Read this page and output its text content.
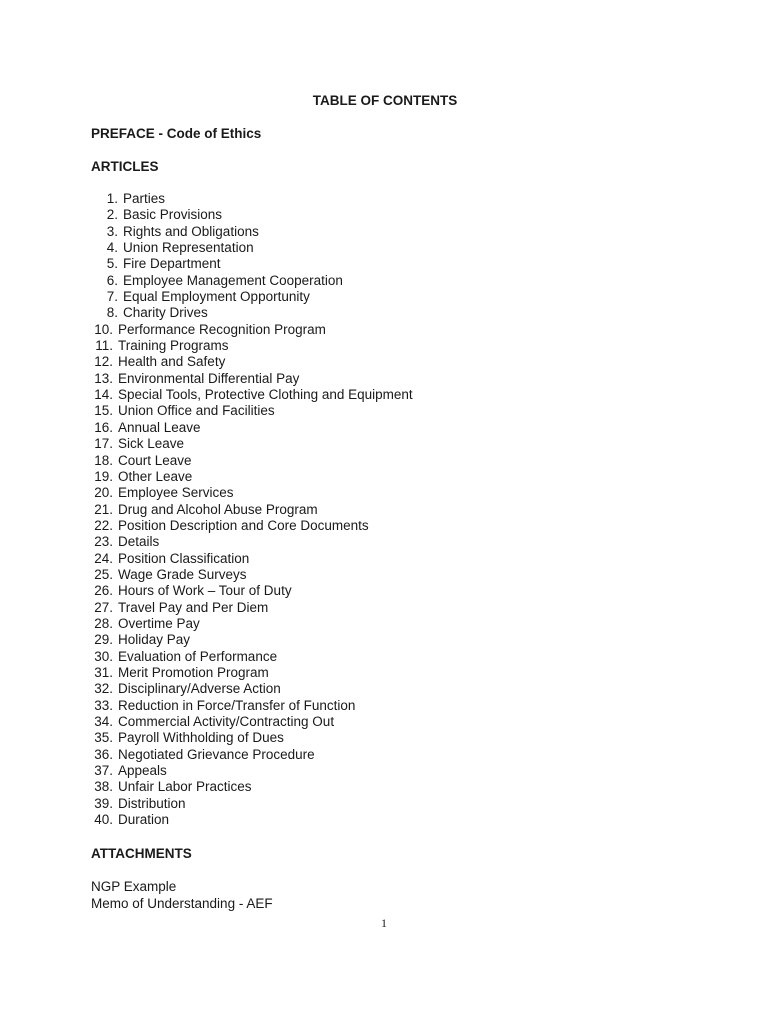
TABLE OF CONTENTS
PREFACE - Code of Ethics
ARTICLES
1. Parties
2. Basic Provisions
3. Rights and Obligations
4. Union Representation
5. Fire Department
6. Employee Management Cooperation
7. Equal Employment Opportunity
8. Charity Drives
10. Performance Recognition Program
11. Training Programs
12. Health and Safety
13. Environmental Differential Pay
14. Special Tools, Protective Clothing and Equipment
15. Union Office and Facilities
16. Annual Leave
17. Sick Leave
18. Court Leave
19. Other Leave
20. Employee Services
21. Drug and Alcohol Abuse Program
22. Position Description and Core Documents
23. Details
24. Position Classification
25. Wage Grade Surveys
26. Hours of Work – Tour of Duty
27. Travel Pay and Per Diem
28. Overtime Pay
29. Holiday Pay
30. Evaluation of Performance
31. Merit Promotion Program
32. Disciplinary/Adverse Action
33. Reduction in Force/Transfer of Function
34. Commercial Activity/Contracting Out
35. Payroll Withholding of Dues
36. Negotiated Grievance Procedure
37. Appeals
38. Unfair Labor Practices
39. Distribution
40. Duration
ATTACHMENTS
NGP Example
Memo of Understanding - AEF
1
